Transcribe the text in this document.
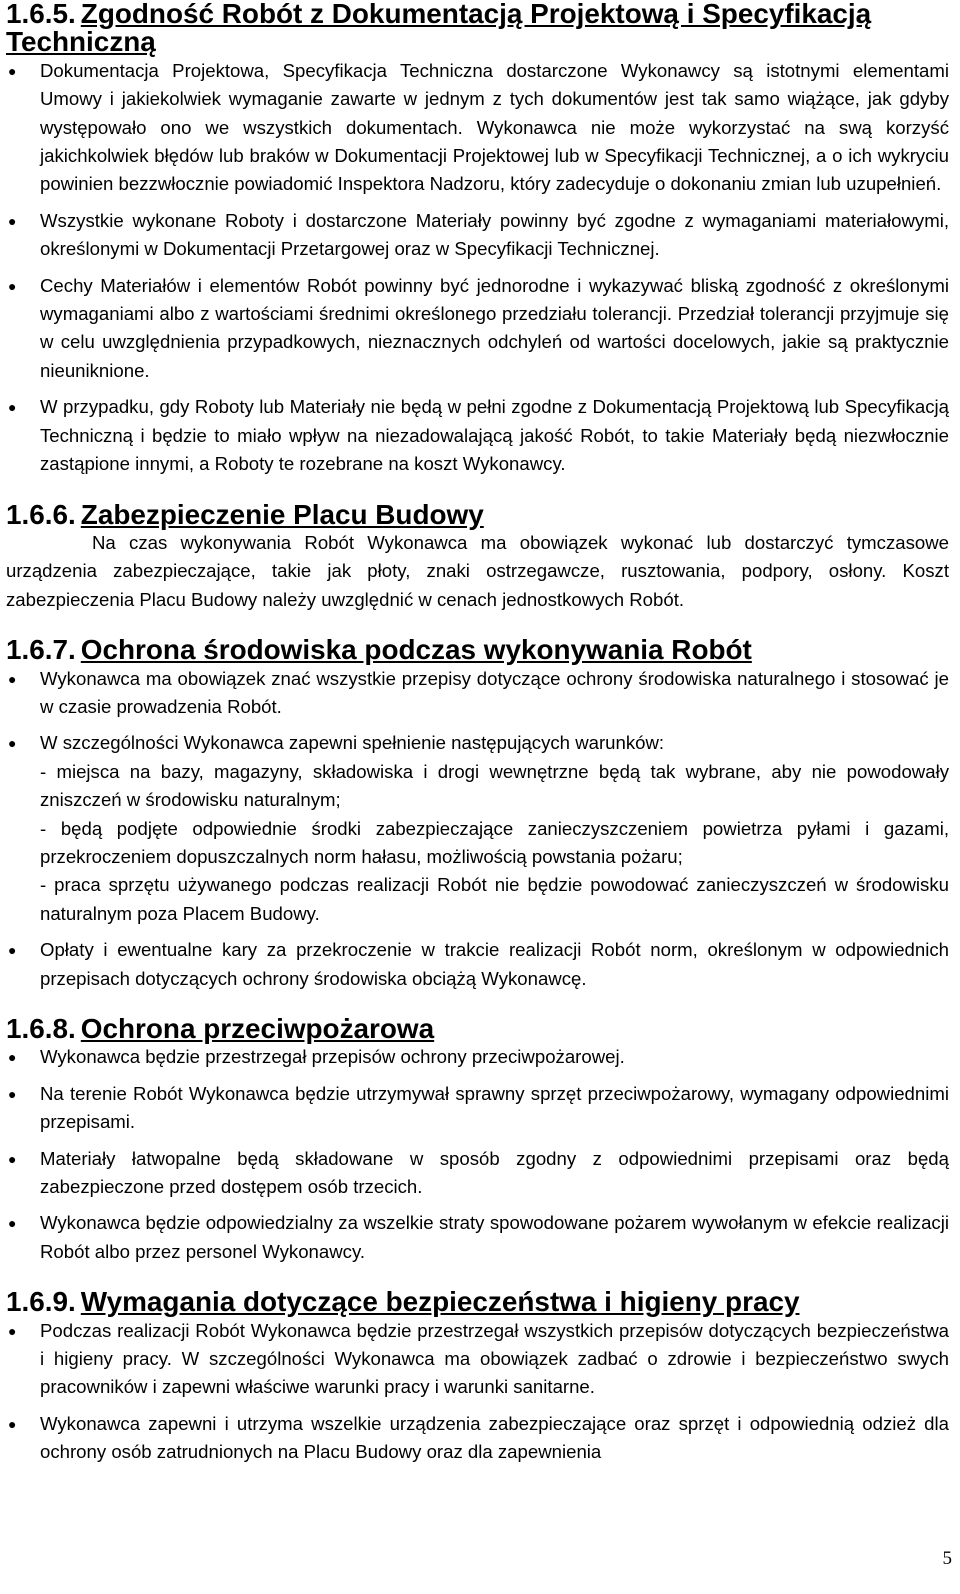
1.6.5. Zgodność Robót z Dokumentacją Projektową i Specyfikacją Techniczną
●	Dokumentacja Projektowa, Specyfikacja Techniczna dostarczone Wykonawcy są istotnymi elementami Umowy i jakiekolwiek wymaganie zawarte w jednym z tych dokumentów jest tak samo wiążące, jak gdyby występowało ono we wszystkich dokumentach. Wykonawca nie może wykorzystać na swą korzyść jakichkolwiek błędów lub braków w Dokumentacji Projektowej lub w Specyfikacji Technicznej, a o ich wykryciu powinien bezzwłocznie powiadomić Inspektora Nadzoru, który zadecyduje o dokonaniu zmian lub uzupełnień.
●	Wszystkie wykonane Roboty i dostarczone Materiały powinny być zgodne z wymaganiami materiałowymi, określonymi w Dokumentacji Przetargowej oraz w Specyfikacji Technicznej.
●	Cechy Materiałów i elementów Robót powinny być jednorodne i wykazywać bliską zgodność z określonymi wymaganiami albo z wartościami średnimi określonego przedziału tolerancji. Przedział tolerancji przyjmuje się w celu uwzględnienia przypadkowych, nieznacznych odchyleń od wartości docelowych, jakie są praktycznie nieuniknione.
●	W przypadku, gdy Roboty lub Materiały nie będą w pełni zgodne z Dokumentacją Projektową lub Specyfikacją Techniczną i będzie to miało wpływ na niezadowalającą jakość Robót, to takie Materiały będą niezwłocznie zastąpione innymi, a Roboty te rozebrane na koszt Wykonawcy.
1.6.6. Zabezpieczenie Placu Budowy

Na czas wykonywania Robót Wykonawca ma obowiązek wykonać lub dostarczyć tymczasowe urządzenia zabezpieczające, takie jak płoty, znaki ostrzegawcze, rusztowania, podpory, osłony. Koszt zabezpieczenia Placu Budowy należy uwzględnić w cenach jednostkowych Robót.

1.6.7. Ochrona środowiska podczas wykonywania Robót
●	Wykonawca ma obowiązek znać wszystkie przepisy dotyczące ochrony środowiska naturalnego i stosować je w czasie prowadzenia Robót.
●	W szczególności Wykonawca zapewni spełnienie następujących warunków:
- miejsca na bazy, magazyny, składowiska i drogi wewnętrzne będą tak wybrane, aby nie powodowały zniszczeń w środowisku naturalnym;
- będą podjęte odpowiednie środki zabezpieczające zanieczyszczeniem powietrza pyłami i gazami, przekroczeniem dopuszczalnych norm hałasu, możliwością powstania pożaru;
- praca sprzętu używanego podczas realizacji Robót nie będzie powodować zanieczyszczeń w środowisku naturalnym poza Placem Budowy.
●	Opłaty i ewentualne kary za przekroczenie w trakcie realizacji Robót norm, określonym w odpowiednich przepisach dotyczących ochrony środowiska obciążą Wykonawcę.
1.6.8. Ochrona przeciwpożarowa
●	Wykonawca będzie przestrzegał przepisów ochrony przeciwpożarowej.
●	Na terenie Robót Wykonawca będzie utrzymywał sprawny sprzęt przeciwpożarowy, wymagany odpowiednimi przepisami.
●	Materiały łatwopalne będą składowane w sposób zgodny z odpowiednimi przepisami oraz będą zabezpieczone przed dostępem osób trzecich.
●	Wykonawca będzie odpowiedzialny za wszelkie straty spowodowane pożarem wywołanym w efekcie realizacji Robót albo przez personel Wykonawcy.
1.6.9. Wymagania dotyczące bezpieczeństwa i higieny pracy
●	Podczas realizacji Robót Wykonawca będzie przestrzegał wszystkich przepisów dotyczących bezpieczeństwa i higieny pracy. W szczególności Wykonawca ma obowiązek zadbać o zdrowie i bezpieczeństwo swych pracowników i zapewni właściwe warunki pracy i warunki sanitarne.
●	Wykonawca zapewni i utrzyma wszelkie urządzenia zabezpieczające oraz sprzęt i odpowiednią odzież dla ochrony osób zatrudnionych na Placu Budowy oraz dla zapewnienia
5
